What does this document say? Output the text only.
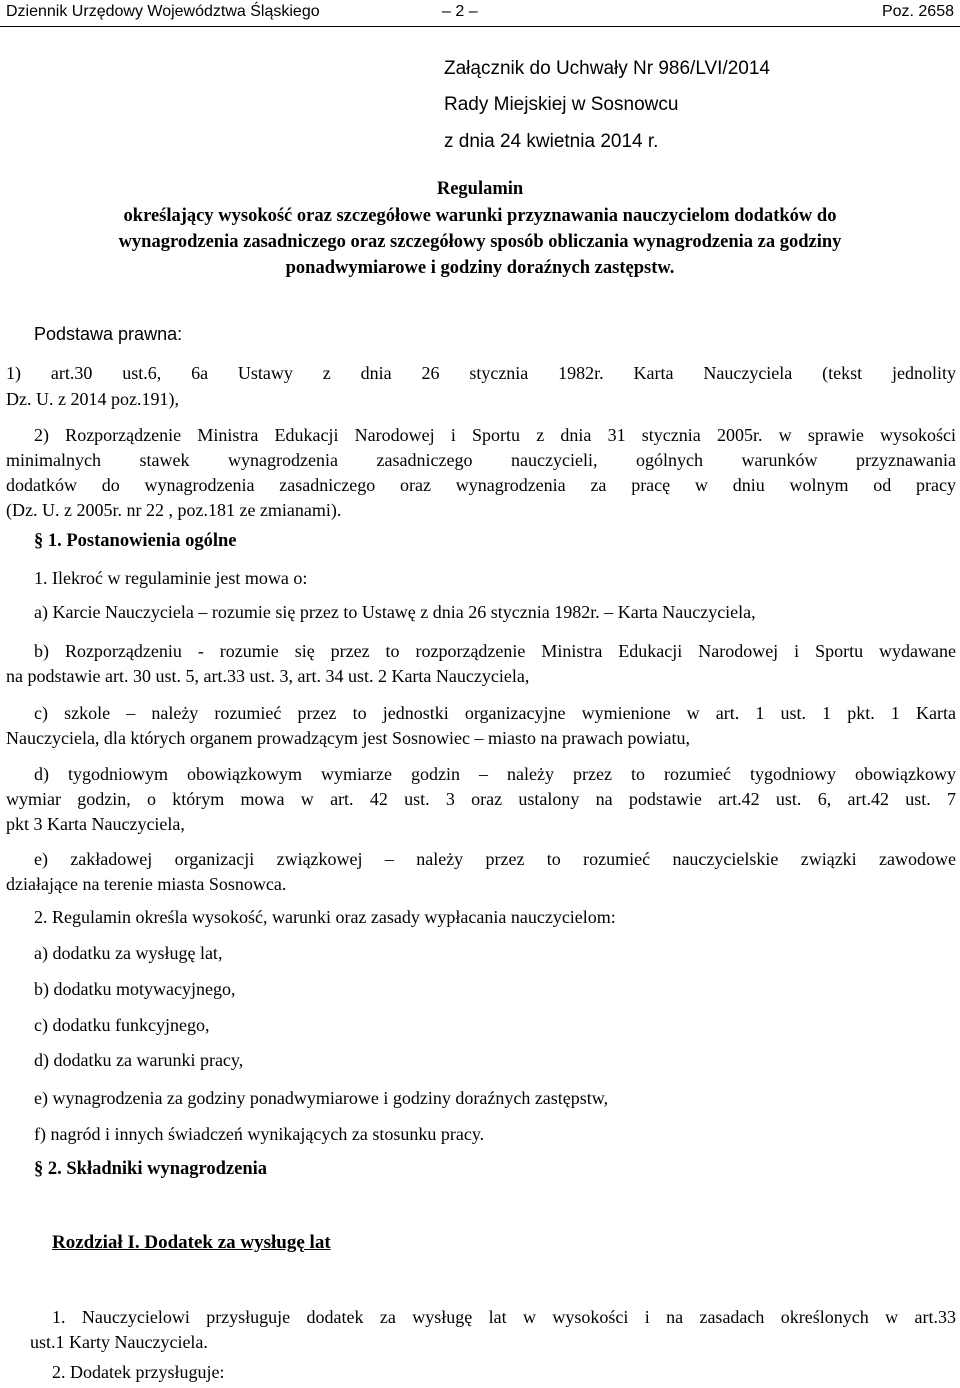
Dziennik Urzędowy Województwa Śląskiego	– 2 –	Poz. 2658
Załącznik do Uchwały Nr 986/LVI/2014
Rady Miejskiej w Sosnowcu
z dnia 24 kwietnia 2014 r.
Regulamin
określający wysokość oraz szczegółowe warunki przyznawania nauczycielom dodatków do
wynagrodzenia zasadniczego oraz szczegółowy sposób obliczania wynagrodzenia za godziny
ponadwymiarowe i godziny doraźnych zastępstw.
Podstawa prawna:
1) art.30 ust.6, 6a Ustawy z dnia 26 stycznia 1982r. Karta Nauczyciela (tekst jednolity
Dz. U. z 2014 poz.191),
2) Rozporządzenie Ministra Edukacji Narodowej i Sportu z dnia 31 stycznia 2005r. w sprawie wysokości
minimalnych stawek wynagrodzenia zasadniczego nauczycieli, ogólnych warunków przyznawania
dodatków do wynagrodzenia zasadniczego oraz wynagrodzenia za pracę w dniu wolnym od pracy
(Dz. U. z 2005r. nr 22 , poz.181 ze zmianami).
§ 1. Postanowienia ogólne
1. Ilekroć w regulaminie jest mowa o:
a) Karcie Nauczyciela – rozumie się przez to Ustawę z dnia 26 stycznia 1982r. – Karta Nauczyciela,
b) Rozporządzeniu - rozumie się przez to rozporządzenie Ministra Edukacji Narodowej i Sportu wydawane
na podstawie art. 30 ust. 5, art.33 ust. 3, art. 34 ust. 2 Karta Nauczyciela,
c) szkole – należy rozumieć przez to jednostki organizacyjne wymienione w art. 1 ust. 1 pkt. 1 Karta
Nauczyciela, dla których organem prowadzącym jest Sosnowiec – miasto na prawach powiatu,
d) tygodniowym obowiązkowym wymiarze godzin – należy przez to rozumieć tygodniowy obowiązkowy
wymiar godzin, o którym mowa w art. 42 ust. 3 oraz ustalony na podstawie art.42 ust. 6, art.42 ust. 7
pkt 3 Karta Nauczyciela,
e) zakładowej organizacji związkowej – należy przez to rozumieć nauczycielskie związki zawodowe
działające na terenie miasta Sosnowca.
2. Regulamin określa wysokość, warunki oraz zasady wypłacania nauczycielom:
a) dodatku za wysługę lat,
b) dodatku motywacyjnego,
c) dodatku funkcyjnego,
d) dodatku za warunki pracy,
e) wynagrodzenia za godziny ponadwymiarowe i godziny doraźnych zastępstw,
f) nagród i innych świadczeń wynikających za stosunku pracy.
§ 2. Składniki wynagrodzenia
Rozdział I. Dodatek za wysługę lat
1. Nauczycielowi przysługuje dodatek za wysługę lat w wysokości i na zasadach określonych w art.33
ust.1 Karty Nauczyciela.
2. Dodatek przysługuje:
